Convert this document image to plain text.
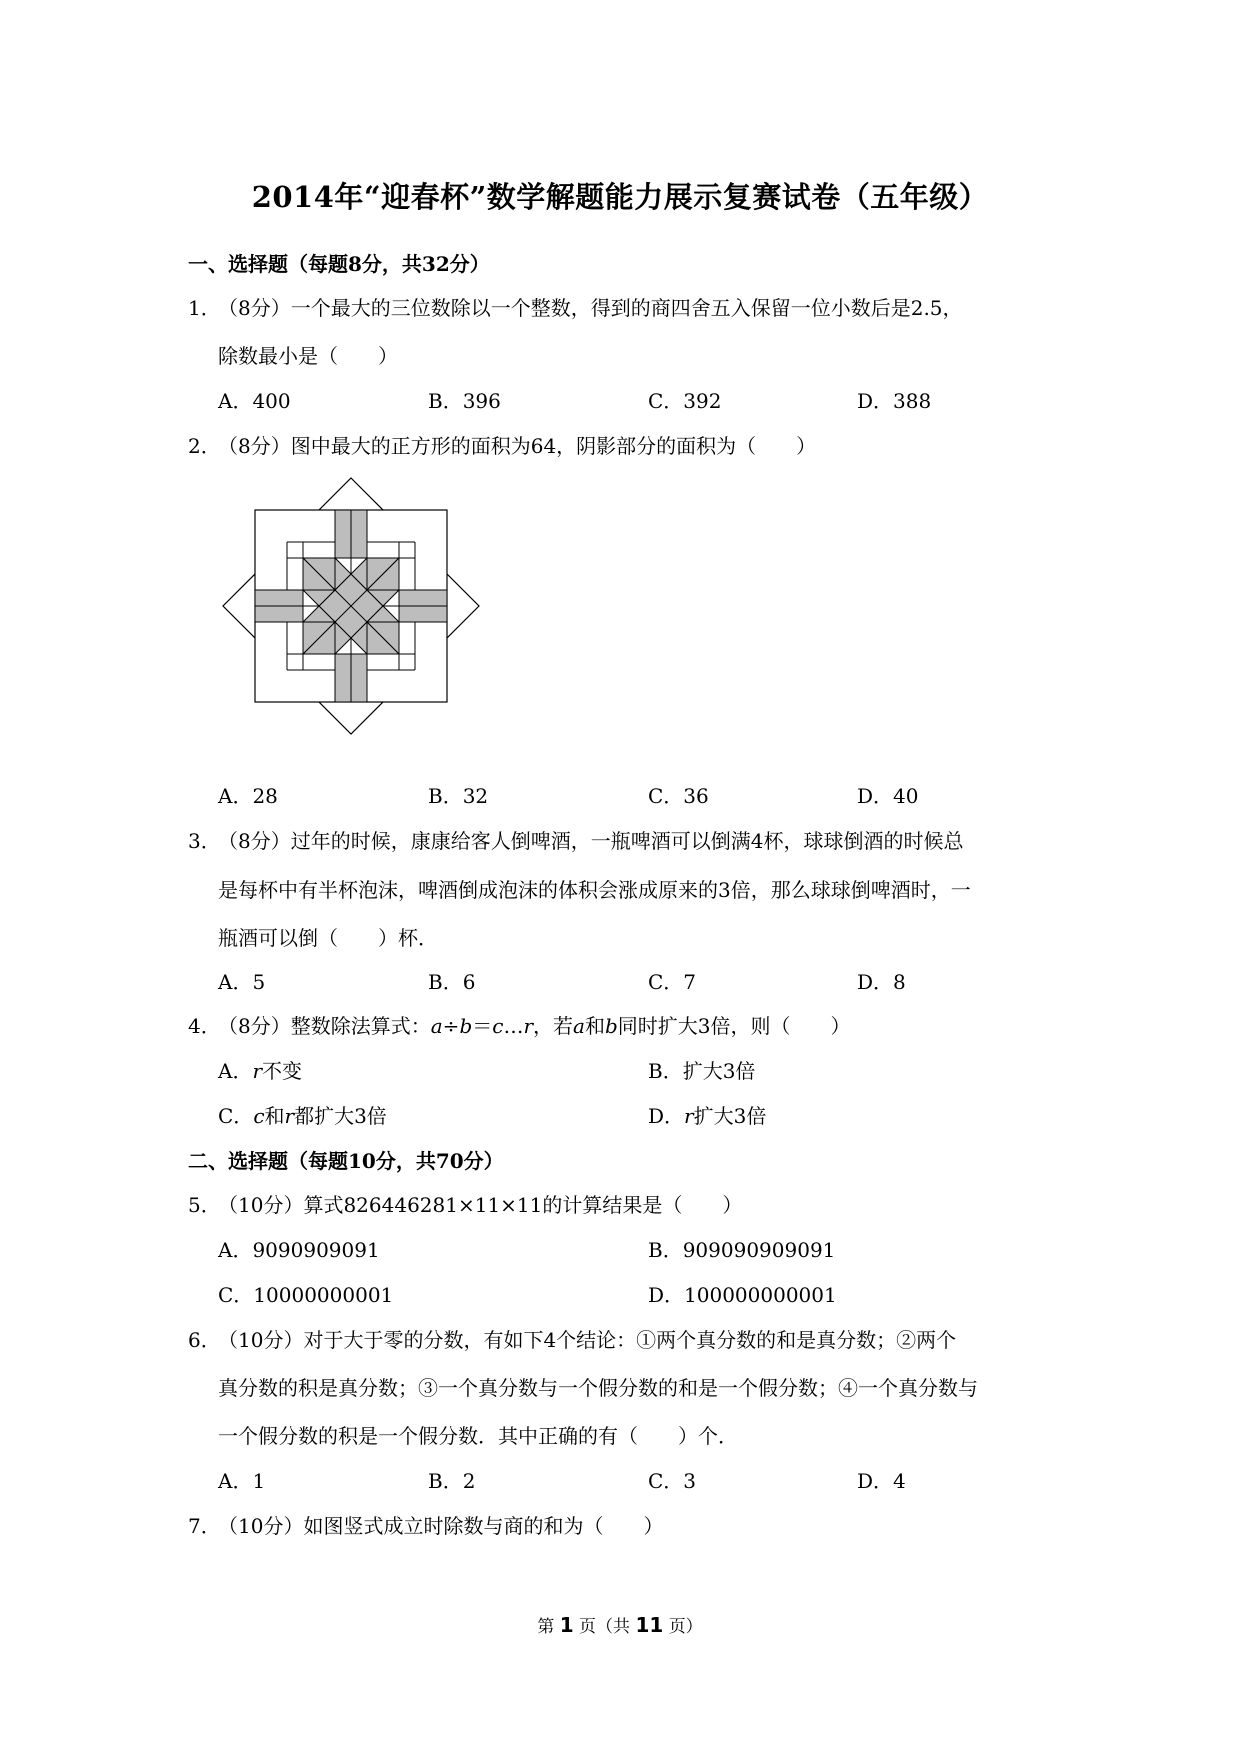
2014年“迎春杯”数学解题能力展示复赛试卷（五年级）
一、选择题（每题8分，共32分）
1．（8分）一个最大的三位数除以一个整数，得到的商四舍五入保留一位小数后是2.5，
除数最小是（　　）
A．400	B．396	C．392	D．388
2．（8分）图中最大的正方形的面积为64，阴影部分的面积为（　　）
A．28	B．32	C．36	D．40
3．（8分）过年的时候，康康给客人倒啤酒，一瓶啤酒可以倒满4杯，球球倒酒的时候总
是每杯中有半杯泡沫，啤酒倒成泡沫的体积会涨成原来的3倍，那么球球倒啤酒时，一
瓶酒可以倒（　　）杯．
A．5	B．6	C．7	D．8
4．（8分）整数除法算式：a÷b＝c…r，若a和b同时扩大3倍，则（　　）
A．r不变	B．扩大3倍
C．c和r都扩大3倍	D．r扩大3倍
二、选择题（每题10分，共70分）
5．（10分）算式826446281×11×11的计算结果是（　　）
A．9090909091	B．909090909091
C．10000000001	D．100000000001
6．（10分）对于大于零的分数，有如下4个结论：①两个真分数的和是真分数；②两个
真分数的积是真分数；③一个真分数与一个假分数的和是一个假分数；④一个真分数与
一个假分数的积是一个假分数．其中正确的有（　　）个．
A．1	B．2	C．3	D．4
7．（10分）如图竖式成立时除数与商的和为（　　）
第 1 页（共 11 页）
